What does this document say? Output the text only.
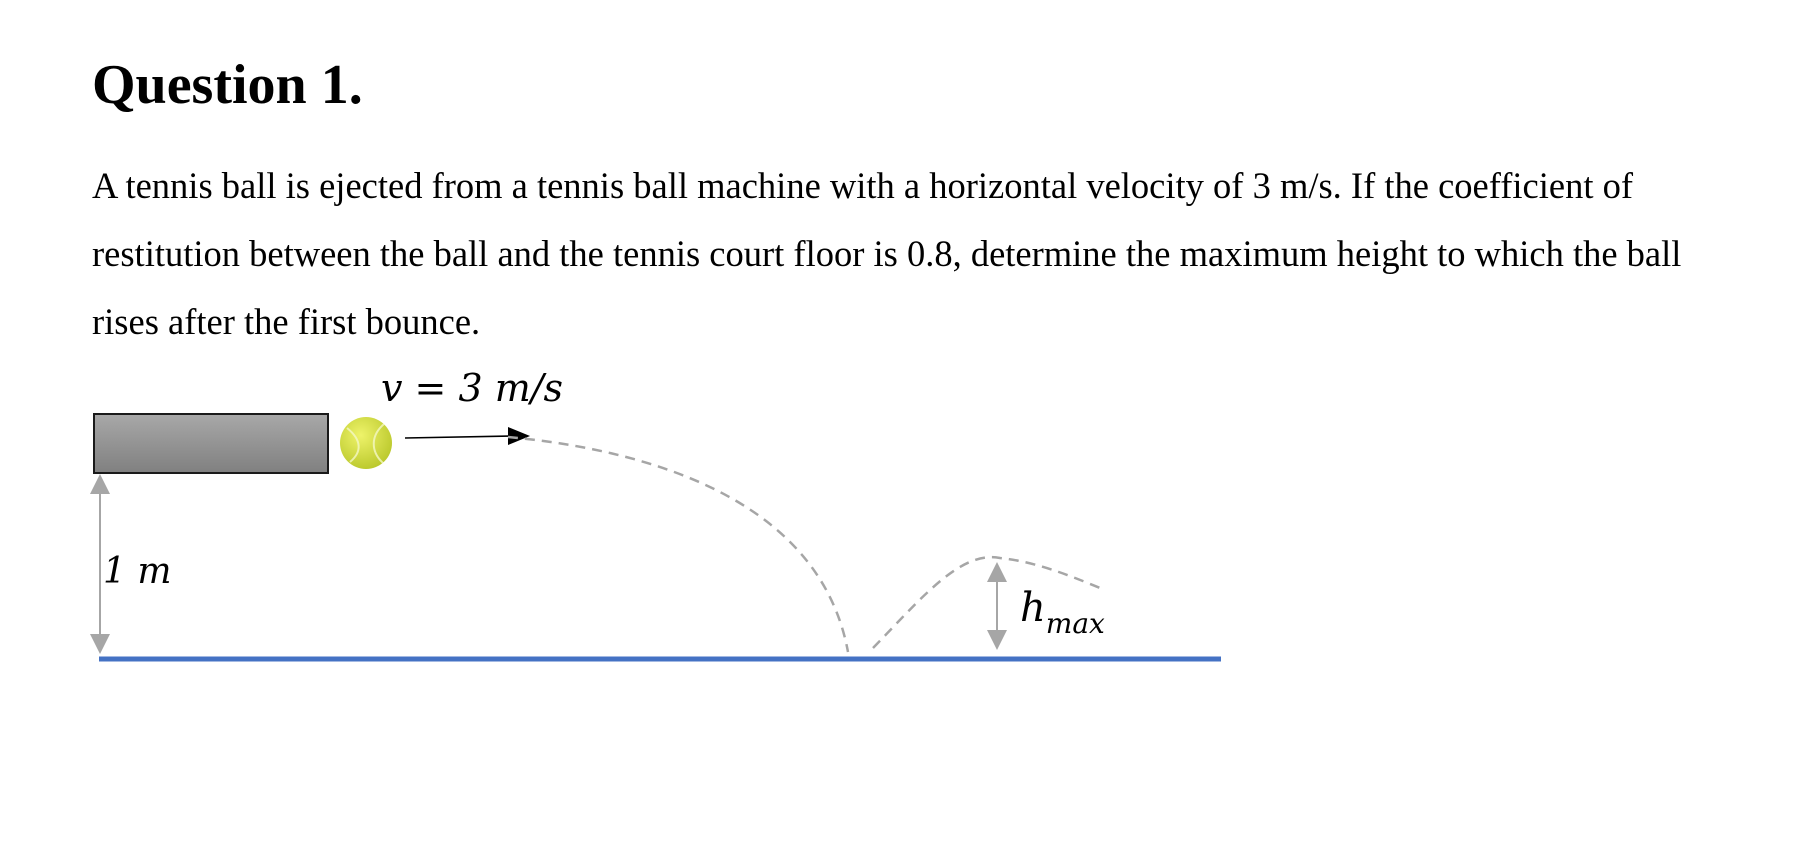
Question 1.

A tennis ball is ejected from a tennis ball machine with a horizontal velocity of 3 m/s. If the coefficient of restitution between the ball and the tennis court floor is 0.8, determine the maximum height to which the ball rises after the first bounce.

v = 3 m/s
1 m
$h_{max}$
